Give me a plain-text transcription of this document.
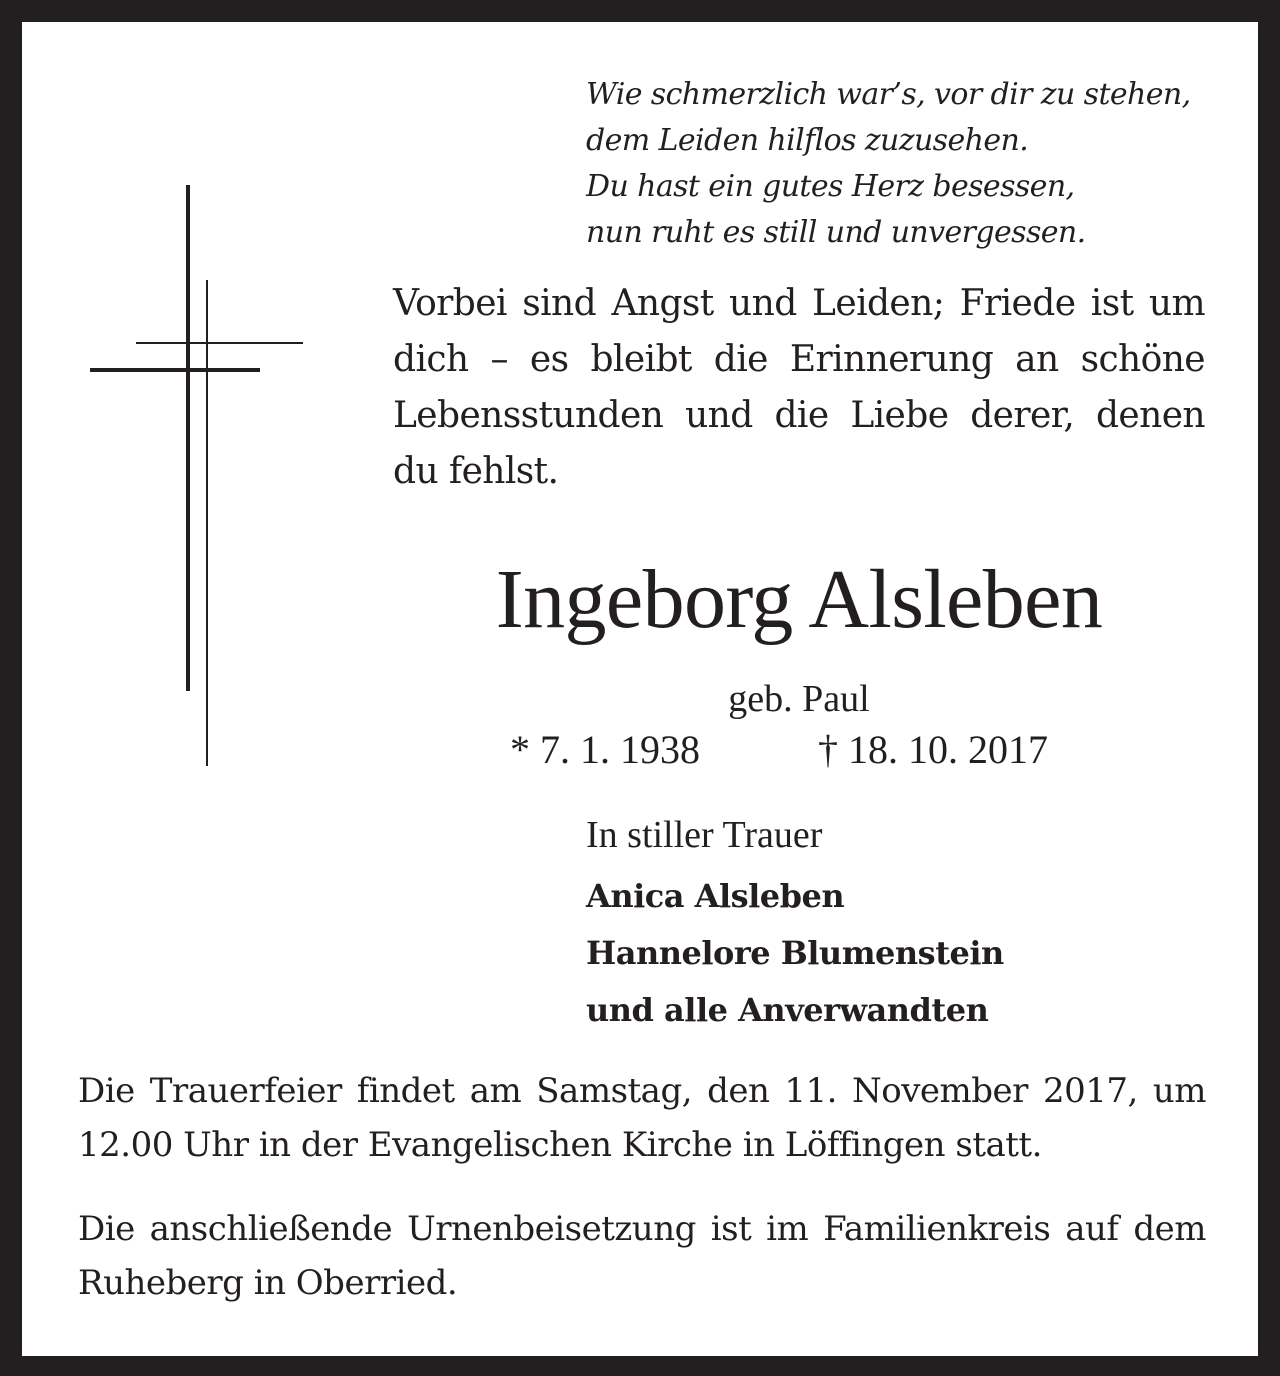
Wie schmerzlich war’s, vor dir zu stehen,
dem Leiden hilflos zuzusehen.
Du hast ein gutes Herz besessen,
nun ruht es still und unvergessen.

Vorbei sind Angst und Leiden; Friede ist um dich – es bleibt die Erinnerung an schöne Lebensstunden und die Liebe derer, denen du fehlst.

Ingeborg Alsleben
geb. Paul
* 7. 1. 1938	† 18. 10. 2017
In stiller Trauer
Anica Alsleben
Hannelore Blumenstein
und alle Anverwandten

Die Trauerfeier findet am Samstag, den 11. November 2017, um 12.00 Uhr in der Evangelischen Kirche in Löffingen statt.

Die anschließende Urnenbeisetzung ist im Familienkreis auf dem Ruheberg in Oberried.
